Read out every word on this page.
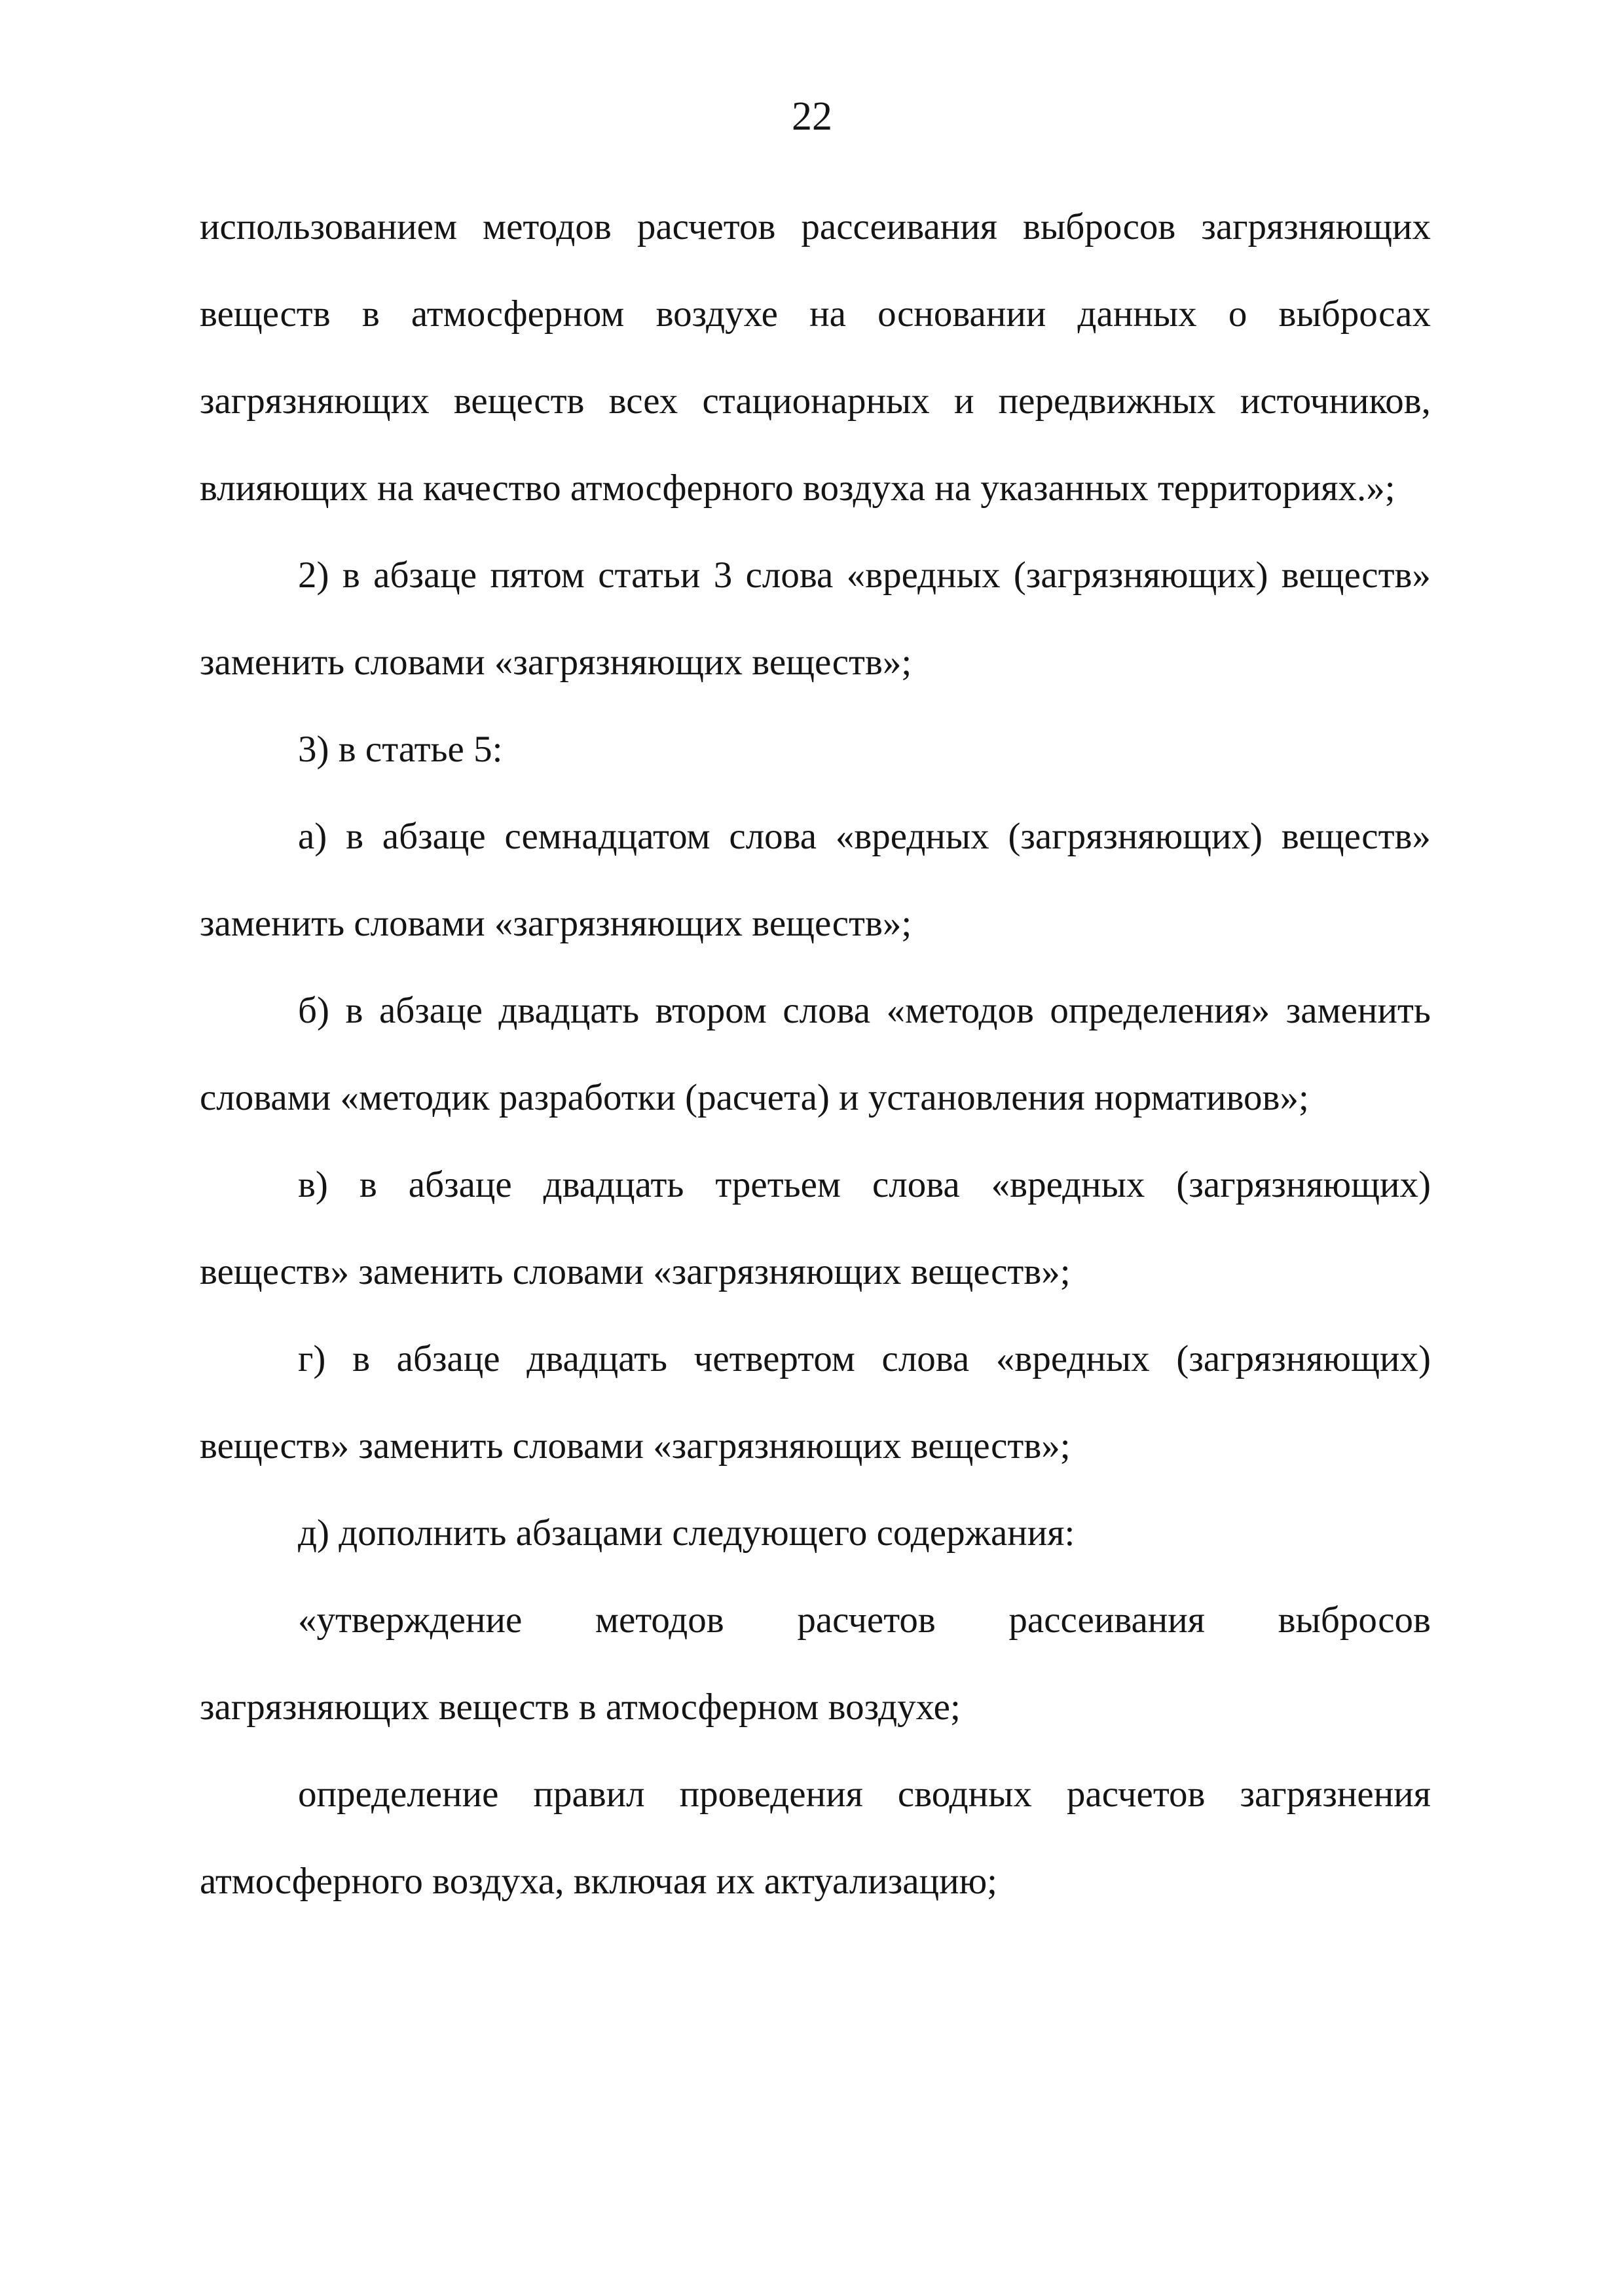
22
использованием методов расчетов рассеивания выбросов загрязняющих
веществ в атмосферном воздухе на основании данных о выбросах
загрязняющих веществ всех стационарных и передвижных источников,
влияющих на качество атмосферного воздуха на указанных территориях.»;
2) в абзаце пятом статьи 3 слова «вредных (загрязняющих) веществ»
заменить словами «загрязняющих веществ»;
3) в статье 5:
а) в абзаце семнадцатом слова «вредных (загрязняющих) веществ»
заменить словами «загрязняющих веществ»;
б) в абзаце двадцать втором слова «методов определения» заменить
словами «методик разработки (расчета) и установления нормативов»;
в) в абзаце двадцать третьем слова «вредных (загрязняющих)
веществ» заменить словами «загрязняющих веществ»;
г) в абзаце двадцать четвертом слова «вредных (загрязняющих)
веществ» заменить словами «загрязняющих веществ»;
д) дополнить абзацами следующего содержания:
«утверждение методов расчетов рассеивания выбросов
загрязняющих веществ в атмосферном воздухе;
определение правил проведения сводных расчетов загрязнения
атмосферного воздуха, включая их актуализацию;
